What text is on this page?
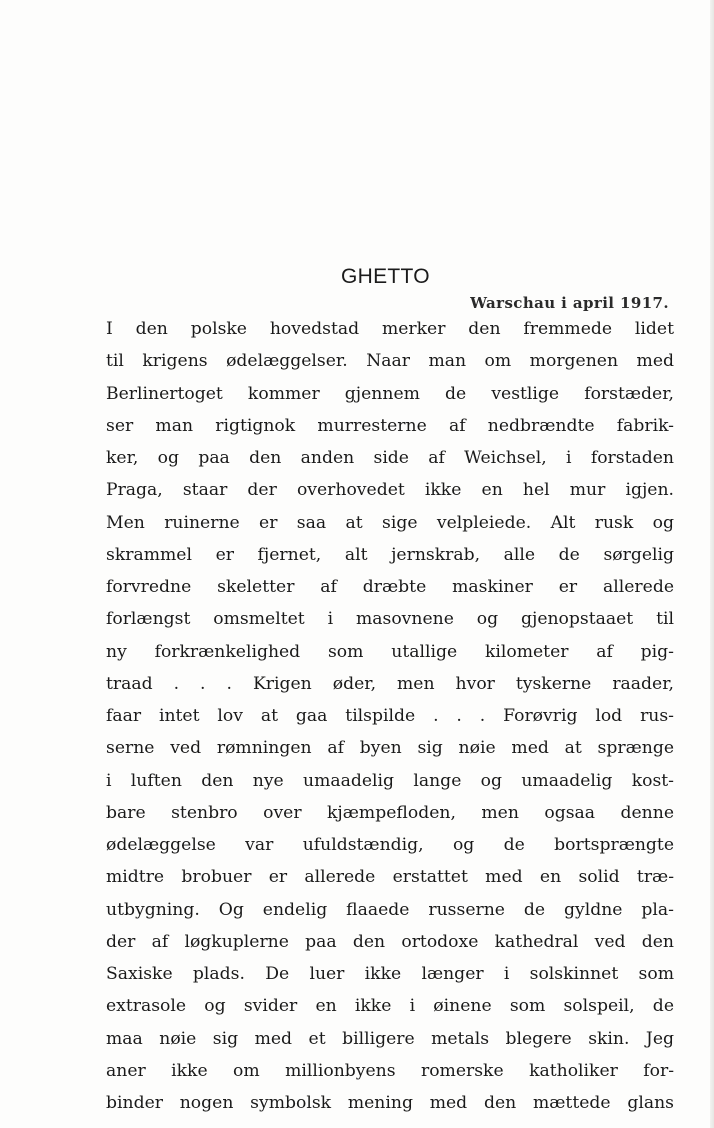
GHETTO
Warschau i april 1917.
I den polske hovedstad merker den fremmede lidet
til krigens ødelæggelser. Naar man om morgenen med
Berlinertoget kommer gjennem de vestlige forstæder,
ser man rigtignok murresterne af nedbrændte fabrik-
ker, og paa den anden side af Weichsel, i forstaden
Praga, staar der overhovedet ikke en hel mur igjen.
Men ruinerne er saa at sige velpleiede. Alt rusk og
skrammel er fjernet, alt jernskrab, alle de sørgelig
forvredne skeletter af dræbte maskiner er allerede
forlængst omsmeltet i masovnene og gjenopstaaet til
ny forkrænkelighed som utallige kilometer af pig-
traad . . . Krigen øder, men hvor tyskerne raader,
faar intet lov at gaa tilspilde . . . Forøvrig lod rus-
serne ved rømningen af byen sig nøie med at sprænge
i luften den nye umaadelig lange og umaadelig kost-
bare stenbro over kjæmpefloden, men ogsaa denne
ødelæggelse var ufuldstændig, og de bortsprængte
midtre brobuer er allerede erstattet med en solid træ-
utbygning. Og endelig flaaede russerne de gyldne pla-
der af løgkuplerne paa den ortodoxe kathedral ved den
Saxiske plads. De luer ikke længer i solskinnet som
extrasole og svider en ikke i øinene som solspeil, de
maa nøie sig med et billigere metals blegere skin. Jeg
aner ikke om millionbyens romerske katholiker for-
binder nogen symbolsk mening med den mættede glans
